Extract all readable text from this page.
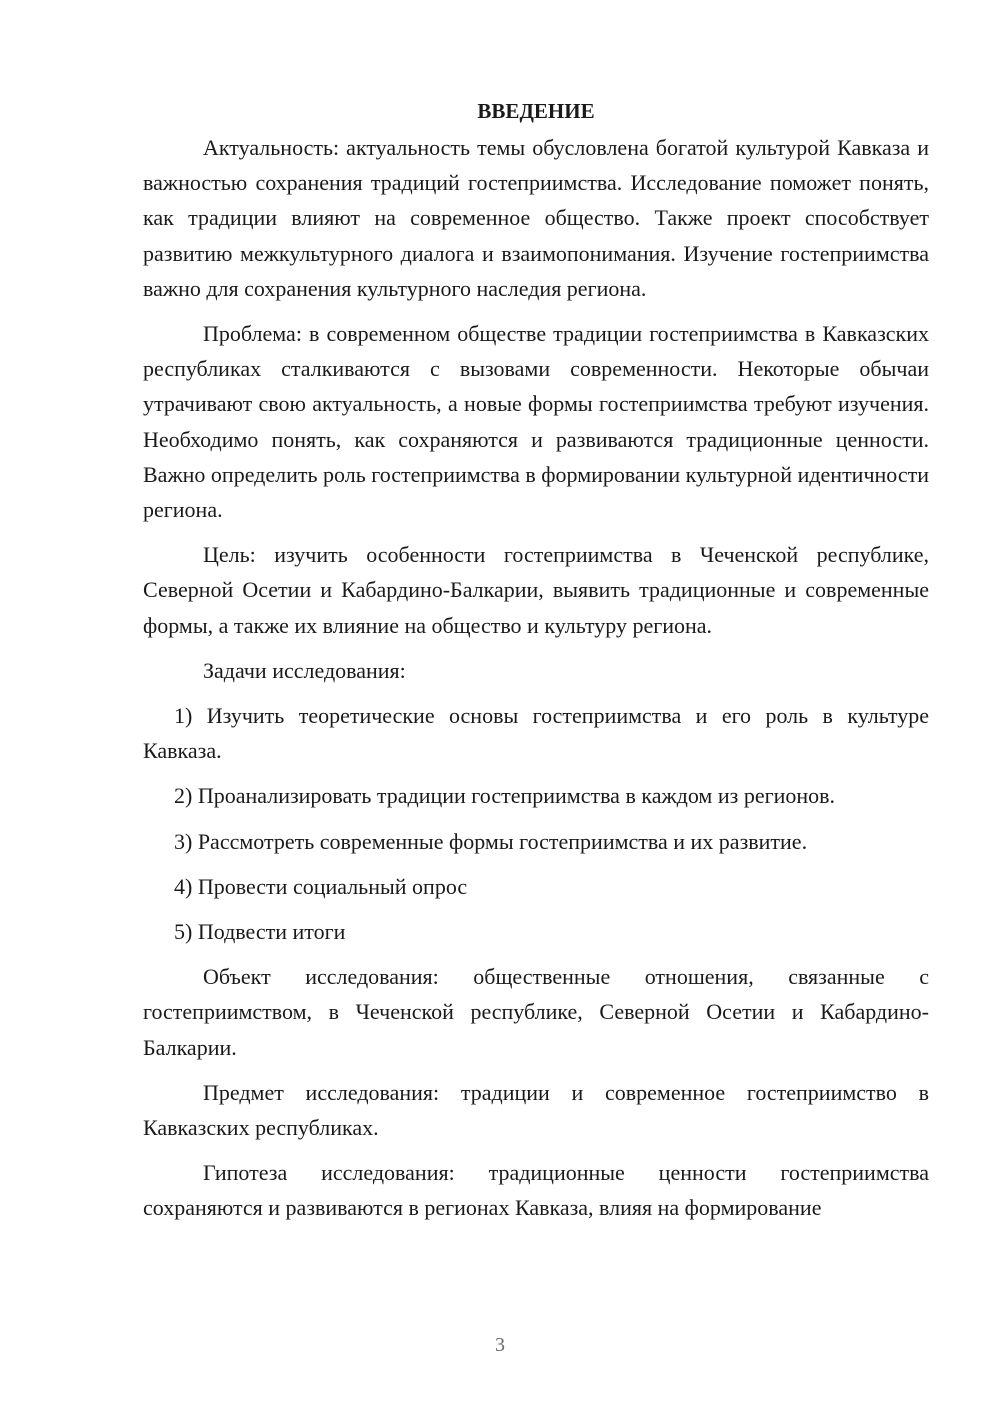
ВВЕДЕНИЕ

Актуальность: актуальность темы обусловлена богатой культурой Кавказа и важностью сохранения традиций гостеприимства. Исследование поможет понять, как традиции влияют на современное общество. Также проект способствует развитию межкультурного диалога и взаимопонимания. Изучение гостеприимства важно для сохранения культурного наследия региона.

Проблема: в современном обществе традиции гостеприимства в Кавказских республиках сталкиваются с вызовами современности. Некоторые обычаи утрачивают свою актуальность, а новые формы гостеприимства требуют изучения. Необходимо понять, как сохраняются и развиваются традиционные ценности. Важно определить роль гостеприимства в формировании культурной идентичности региона.

Цель: изучить особенности гостеприимства в Чеченской республике, Северной Осетии и Кабардино-Балкарии, выявить традиционные и современные формы, а также их влияние на общество и культуру региона.

Задачи исследования:

1) Изучить теоретические основы гостеприимства и его роль в культуре Кавказа.

2) Проанализировать традиции гостеприимства в каждом из регионов.

3) Рассмотреть современные формы гостеприимства и их развитие.

4) Провести социальный опрос

5) Подвести итоги

Объект исследования: общественные отношения, связанные с гостеприимством, в Чеченской республике, Северной Осетии и Кабардино-Балкарии.

Предмет исследования: традиции и современное гостеприимство в Кавказских республиках.

Гипотеза исследования: традиционные ценности гостеприимства сохраняются и развиваются в регионах Кавказа, влияя на формирование

3
